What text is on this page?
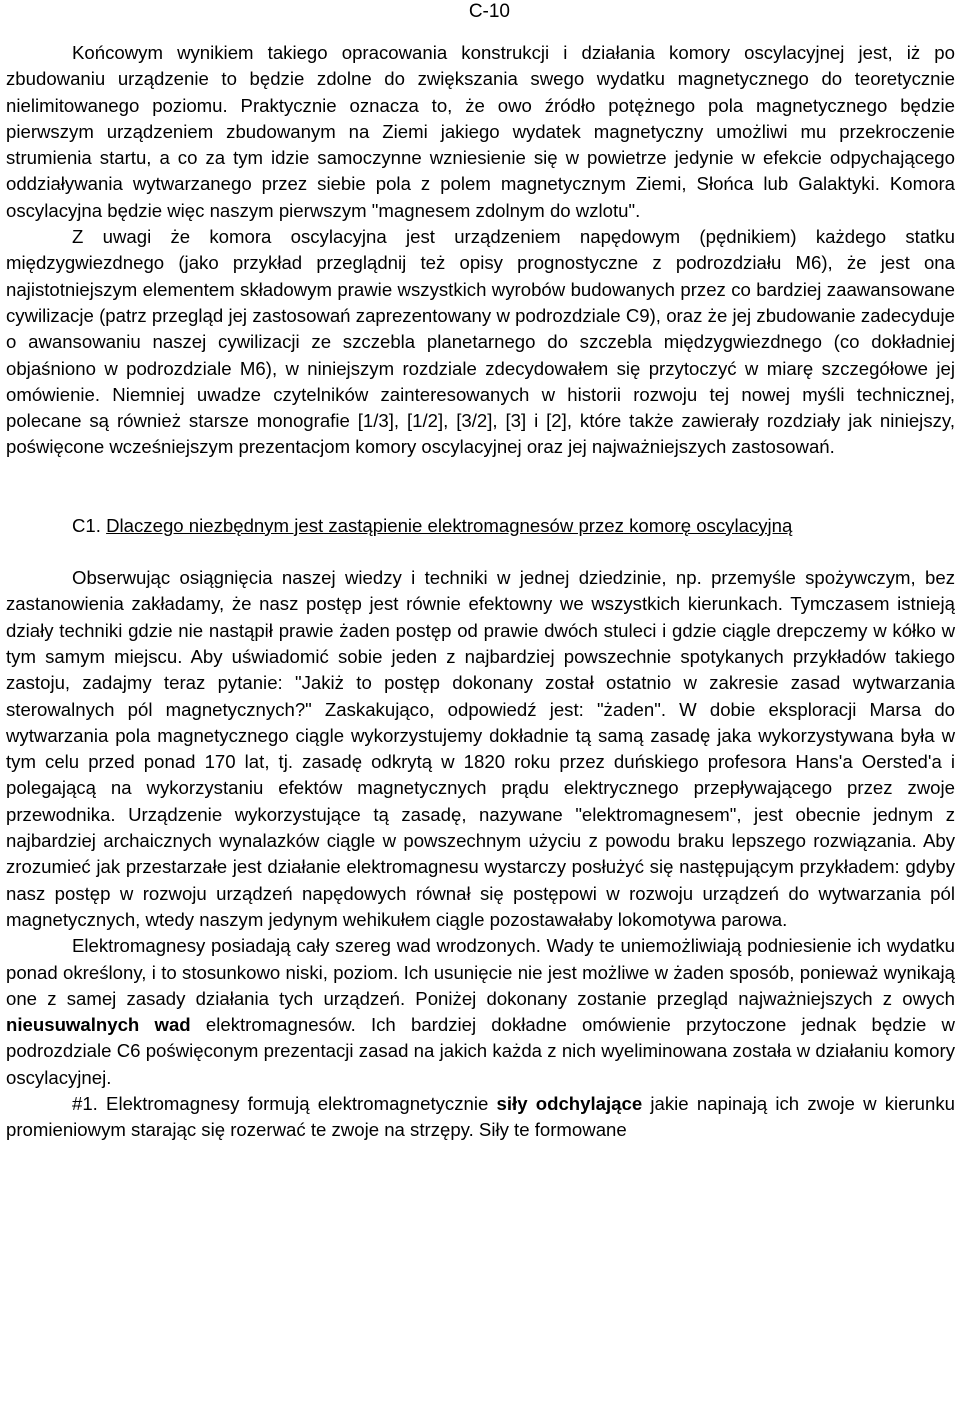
C-10

Końcowym wynikiem takiego opracowania konstrukcji i działania komory oscylacyjnej jest, iż po zbudowaniu urządzenie to będzie zdolne do zwiększania swego wydatku magnetycznego do teoretycznie nielimitowanego poziomu. Praktycznie oznacza to, że owo źródło potężnego pola magnetycznego będzie pierwszym urządzeniem zbudowanym na Ziemi jakiego wydatek magnetyczny umożliwi mu przekroczenie strumienia startu, a co za tym idzie samoczynne wzniesienie się w powietrze jedynie w efekcie odpychającego oddziaływania wytwarzanego przez siebie pola z polem magnetycznym Ziemi, Słońca lub Galaktyki. Komora oscylacyjna będzie więc naszym pierwszym "magnesem zdolnym do wzlotu".

Z uwagi że komora oscylacyjna jest urządzeniem napędowym (pędnikiem) każdego statku międzygwiezdnego (jako przykład przeglądnij też opisy prognostyczne z podrozdziału M6), że jest ona najistotniejszym elementem składowym prawie wszystkich wyrobów budowanych przez co bardziej zaawansowane cywilizacje (patrz przegląd jej zastosowań zaprezentowany w podrozdziale C9), oraz że jej zbudowanie zadecyduje o awansowaniu naszej cywilizacji ze szczebla planetarnego do szczebla międzygwiezdnego (co dokładniej objaśniono w podrozdziale M6), w niniejszym rozdziale zdecydowałem się przytoczyć w miarę szczegółowe jej omówienie. Niemniej uwadze czytelników zainteresowanych w historii rozwoju tej nowej myśli technicznej, polecane są również starsze monografie [1/3], [1/2], [3/2], [3] i [2], które także zawierały rozdziały jak niniejszy, poświęcone wcześniejszym prezentacjom komory oscylacyjnej oraz jej najważniejszych zastosowań.

C1. Dlaczego niezbędnym jest zastąpienie elektromagnesów przez komorę oscylacyjną

Obserwując osiągnięcia naszej wiedzy i techniki w jednej dziedzinie, np. przemyśle spożywczym, bez zastanowienia zakładamy, że nasz postęp jest równie efektowny we wszystkich kierunkach. Tymczasem istnieją działy techniki gdzie nie nastąpił prawie żaden postęp od prawie dwóch stuleci i gdzie ciągle drepczemy w kółko w tym samym miejscu. Aby uświadomić sobie jeden z najbardziej powszechnie spotykanych przykładów takiego zastoju, zadajmy teraz pytanie: "Jakiż to postęp dokonany został ostatnio w zakresie zasad wytwarzania sterowalnych pól magnetycznych?" Zaskakująco, odpowiedź jest: "żaden". W dobie eksploracji Marsa do wytwarzania pola magnetycznego ciągle wykorzystujemy dokładnie tą samą zasadę jaka wykorzystywana była w tym celu przed ponad 170 lat, tj. zasadę odkrytą w 1820 roku przez duńskiego profesora Hans'a Oersted'a i polegającą na wykorzystaniu efektów magnetycznych prądu elektrycznego przepływającego przez zwoje przewodnika. Urządzenie wykorzystujące tą zasadę, nazywane "elektromagnesem", jest obecnie jednym z najbardziej archaicznych wynalazków ciągle w powszechnym użyciu z powodu braku lepszego rozwiązania. Aby zrozumieć jak przestarzałe jest działanie elektromagnesu wystarczy posłużyć się następującym przykładem: gdyby nasz postęp w rozwoju urządzeń napędowych równał się postępowi w rozwoju urządzeń do wytwarzania pól magnetycznych, wtedy naszym jedynym wehikułem ciągle pozostawałaby lokomotywa parowa.

Elektromagnesy posiadają cały szereg wad wrodzonych. Wady te uniemożliwiają podniesienie ich wydatku ponad określony, i to stosunkowo niski, poziom. Ich usunięcie nie jest możliwe w żaden sposób, ponieważ wynikają one z samej zasady działania tych urządzeń. Poniżej dokonany zostanie przegląd najważniejszych z owych nieusuwalnych wad elektromagnesów. Ich bardziej dokładne omówienie przytoczone jednak będzie w podrozdziale C6 poświęconym prezentacji zasad na jakich każda z nich wyeliminowana została w działaniu komory oscylacyjnej.

#1. Elektromagnesy formują elektromagnetycznie siły odchylające jakie napinają ich zwoje w kierunku promieniowym starając się rozerwać te zwoje na strzępy. Siły te formowane
